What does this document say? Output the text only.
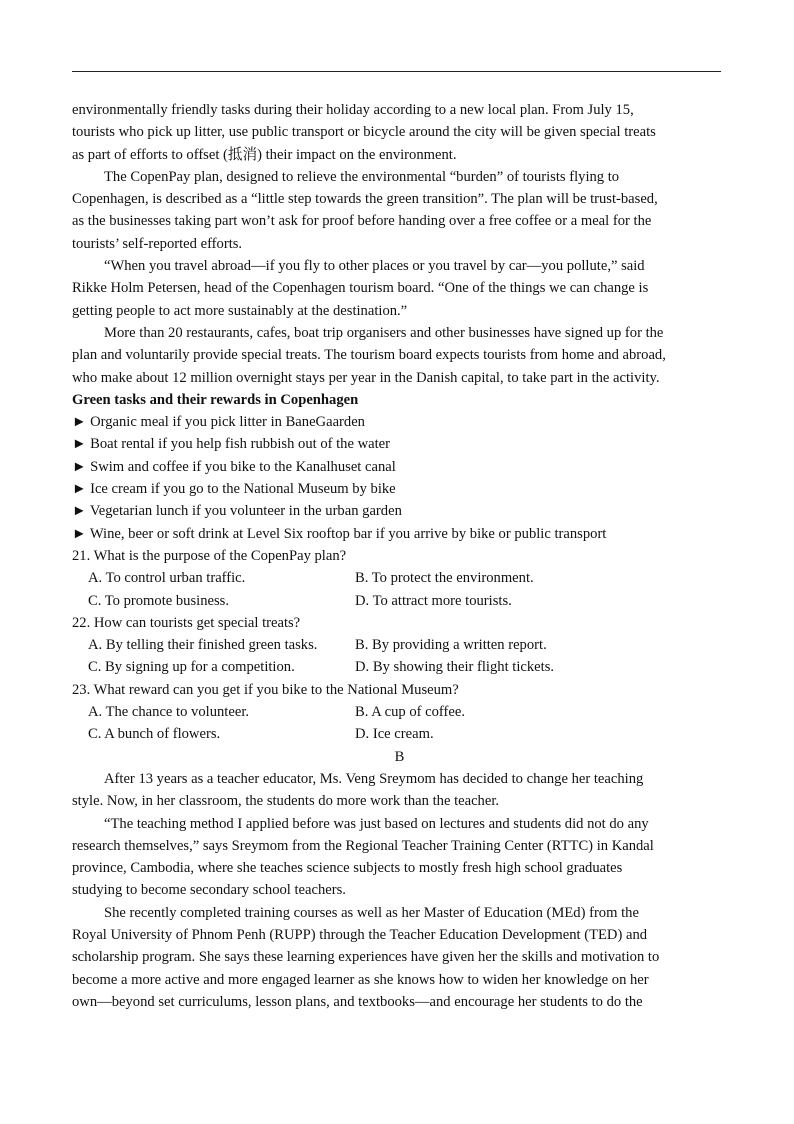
environmentally friendly tasks during their holiday according to a new local plan. From July 15,
tourists who pick up litter, use public transport or bicycle around the city will be given special treats
as part of efforts to offset (抵消) their impact on the environment.
The CopenPay plan, designed to relieve the environmental “burden” of tourists flying to
Copenhagen, is described as a “little step towards the green transition”. The plan will be trust-based,
as the businesses taking part won’t ask for proof before handing over a free coffee or a meal for the
tourists’ self-reported efforts.
“When you travel abroad—if you fly to other places or you travel by car—you pollute,” said
Rikke Holm Petersen, head of the Copenhagen tourism board. “One of the things we can change is
getting people to act more sustainably at the destination.”
More than 20 restaurants, cafes, boat trip organisers and other businesses have signed up for the
plan and voluntarily provide special treats. The tourism board expects tourists from home and abroad,
who make about 12 million overnight stays per year in the Danish capital, to take part in the activity.
Green tasks and their rewards in Copenhagen
► Organic meal if you pick litter in BaneGaarden
► Boat rental if you help fish rubbish out of the water
► Swim and coffee if you bike to the Kanalhuset canal
► Ice cream if you go to the National Museum by bike
► Vegetarian lunch if you volunteer in the urban garden
► Wine, beer or soft drink at Level Six rooftop bar if you arrive by bike or public transport
21. What is the purpose of the CopenPay plan?
A. To control urban traffic.	B. To protect the environment.
C. To promote business.	D. To attract more tourists.
22. How can tourists get special treats?
A. By telling their finished green tasks.	B. By providing a written report.
C. By signing up for a competition.	D. By showing their flight tickets.
23. What reward can you get if you bike to the National Museum?
A. The chance to volunteer.	B. A cup of coffee.
C. A bunch of flowers.	D. Ice cream.
B
After 13 years as a teacher educator, Ms. Veng Sreymom has decided to change her teaching
style. Now, in her classroom, the students do more work than the teacher.
“The teaching method I applied before was just based on lectures and students did not do any
research themselves,” says Sreymom from the Regional Teacher Training Center (RTTC) in Kandal
province, Cambodia, where she teaches science subjects to mostly fresh high school graduates
studying to become secondary school teachers.
She recently completed training courses as well as her Master of Education (MEd) from the
Royal University of Phnom Penh (RUPP) through the Teacher Education Development (TED) and
scholarship program. She says these learning experiences have given her the skills and motivation to
become a more active and more engaged learner as she knows how to widen her knowledge on her
own—beyond set curriculums, lesson plans, and textbooks—and encourage her students to do the
